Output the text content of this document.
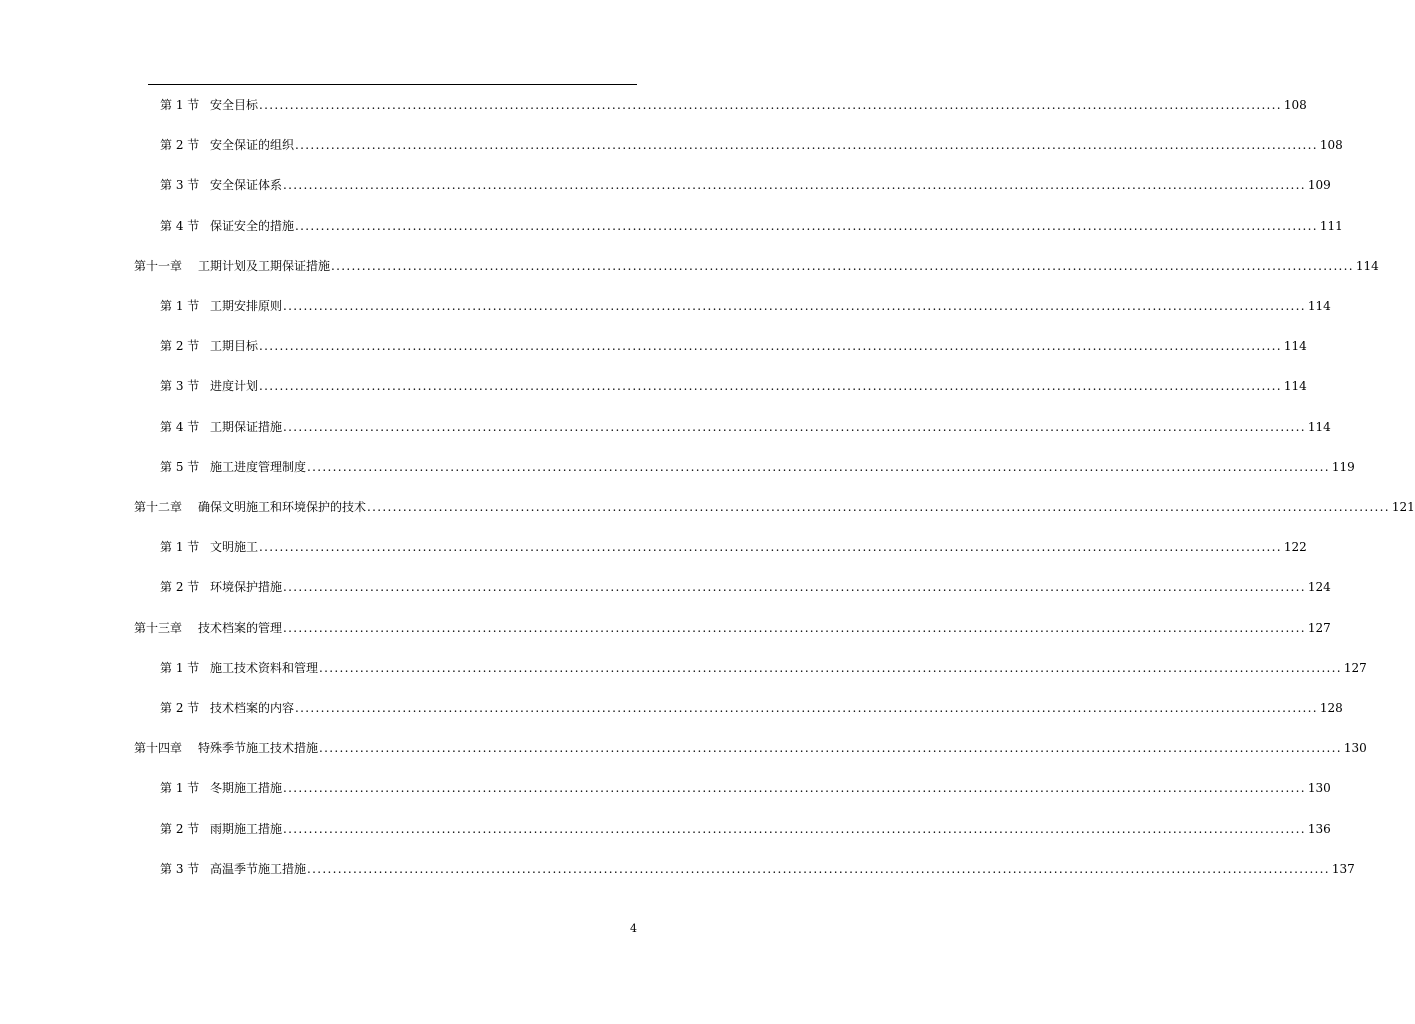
第 1 节 安全目标 ........................................................................................................................................................................................................ 108
第 2 节 安全保证的组织 ........................................................................................................................................................................................................ 108
第 3 节 安全保证体系 ........................................................................................................................................................................................................ 109
第 4 节 保证安全的措施 ........................................................................................................................................................................................................ 111
第十一章	工期计划及工期保证措施 ........................................................................................................................................................................................................ 114
第 1 节 工期安排原则 ........................................................................................................................................................................................................ 114
第 2 节 工期目标 ........................................................................................................................................................................................................ 114
第 3 节 进度计划 ........................................................................................................................................................................................................ 114
第 4 节 工期保证措施 ........................................................................................................................................................................................................ 114
第 5 节 施工进度管理制度 ........................................................................................................................................................................................................ 119
第十二章	确保文明施工和环境保护的技术 ........................................................................................................................................................................................................ 121
第 1 节 文明施工 ........................................................................................................................................................................................................ 122
第 2 节 环境保护措施 ........................................................................................................................................................................................................ 124
第十三章	技术档案的管理 ........................................................................................................................................................................................................ 127
第 1 节 施工技术资料和管理 ........................................................................................................................................................................................................ 127
第 2 节 技术档案的内容 ........................................................................................................................................................................................................ 128
第十四章	特殊季节施工技术措施 ........................................................................................................................................................................................................ 130
第 1 节 冬期施工措施 ........................................................................................................................................................................................................ 130
第 2 节 雨期施工措施 ........................................................................................................................................................................................................ 136
第 3 节 高温季节施工措施 ........................................................................................................................................................................................................ 137
4
